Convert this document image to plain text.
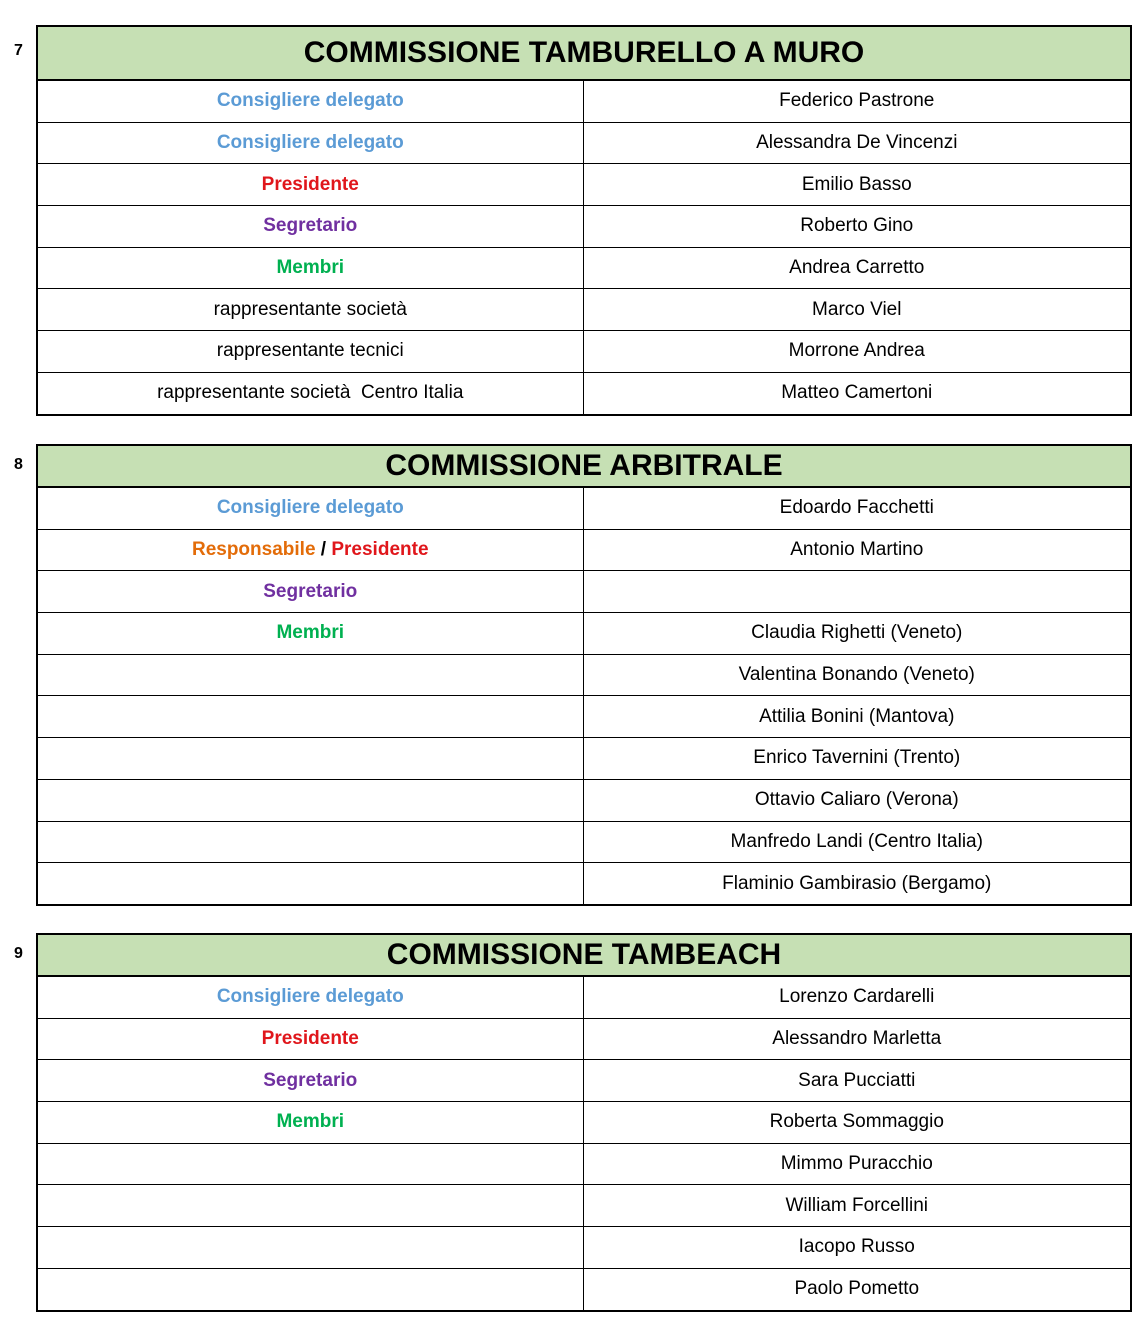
7	COMMISSIONE TAMBURELLO A MURO	
Consigliere delegato	Federico Pastrone
Consigliere delegato	Alessandra De Vincenzi
Presidente	Emilio Basso
Segretario	Roberto Gino
Membri	Andrea Carretto
rappresentante società	Marco Viel
rappresentante tecnici	Morrone Andrea
rappresentante società  Centro Italia	Matteo Camertoni
8	COMMISSIONE ARBITRALE	
Consigliere delegato	Edoardo Facchetti
Responsabile / Presidente	Antonio Martino
Segretario	
Membri	Claudia Righetti (Veneto)
	Valentina Bonando (Veneto)
	Attilia Bonini (Mantova)
	Enrico Tavernini (Trento)
	Ottavio Caliaro (Verona)
	Manfredo Landi (Centro Italia)
	Flaminio Gambirasio (Bergamo)
9	COMMISSIONE TAMBEACH	
Consigliere delegato	Lorenzo Cardarelli
Presidente	Alessandro Marletta
Segretario	Sara Pucciatti
Membri	Roberta Sommaggio
	Mimmo Puracchio
	William Forcellini
	Iacopo Russo
	Paolo Pometto
